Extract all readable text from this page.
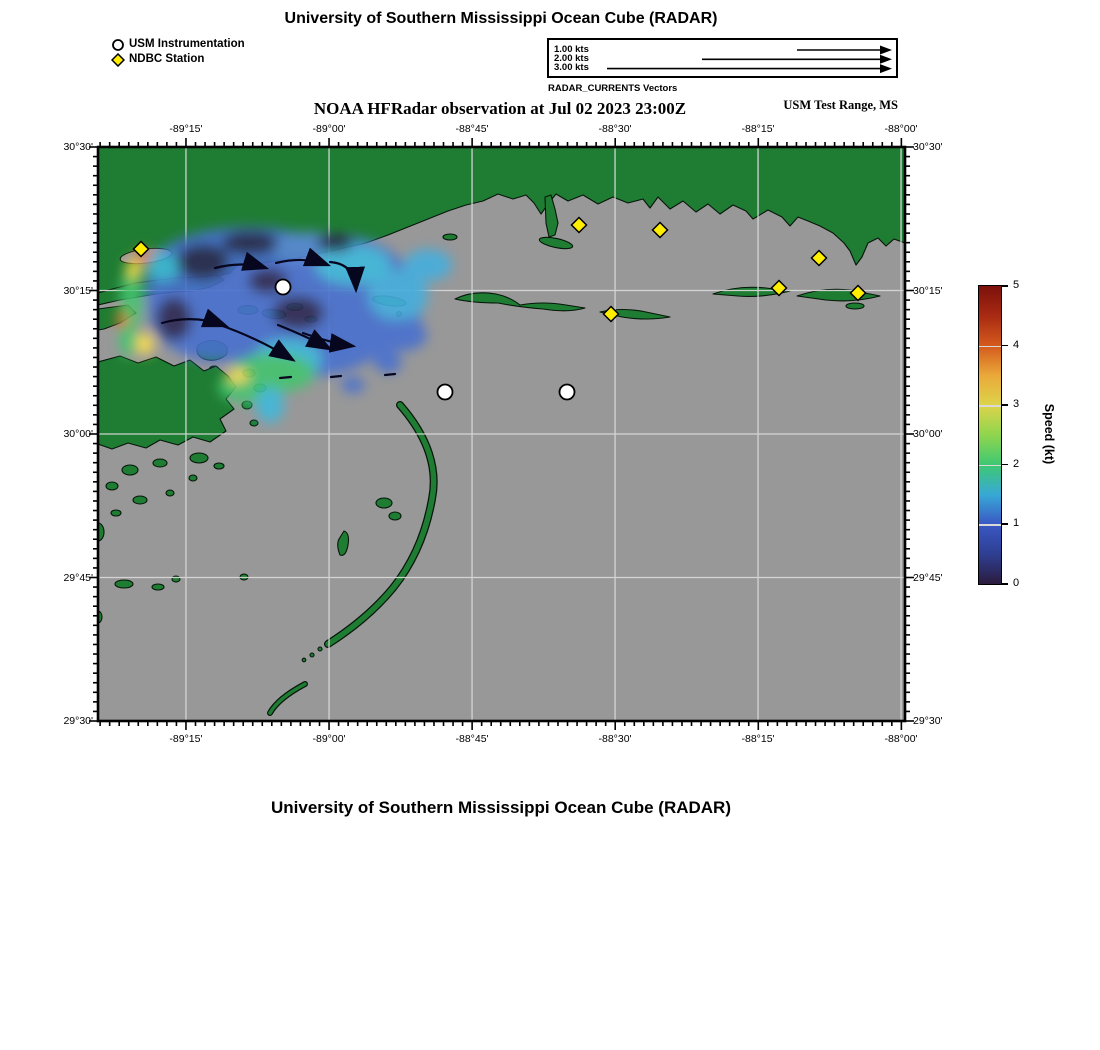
University of Southern Mississippi Ocean Cube (RADAR)
USM Instrumentation
NDBC Station
1.00 kts
2.00 kts
3.00 kts
RADAR_CURRENTS Vectors
NOAA HFRadar observation at Jul 02 2023 23:00Z	USM Test Range, MS
-89°15'	-89°00'	-88°45'	-88°30'	-88°15'	-88°00'
-89°15'	-89°00'	-88°45'	-88°30'	-88°15'	-88°00'
30°30'
30°15'
30°00'
29°45'
29°30'
30°30'
30°15'
30°00'
29°45'
29°30'
0
1
2
3
4
5
Speed (kt)
University of Southern Mississippi Ocean Cube (RADAR)
